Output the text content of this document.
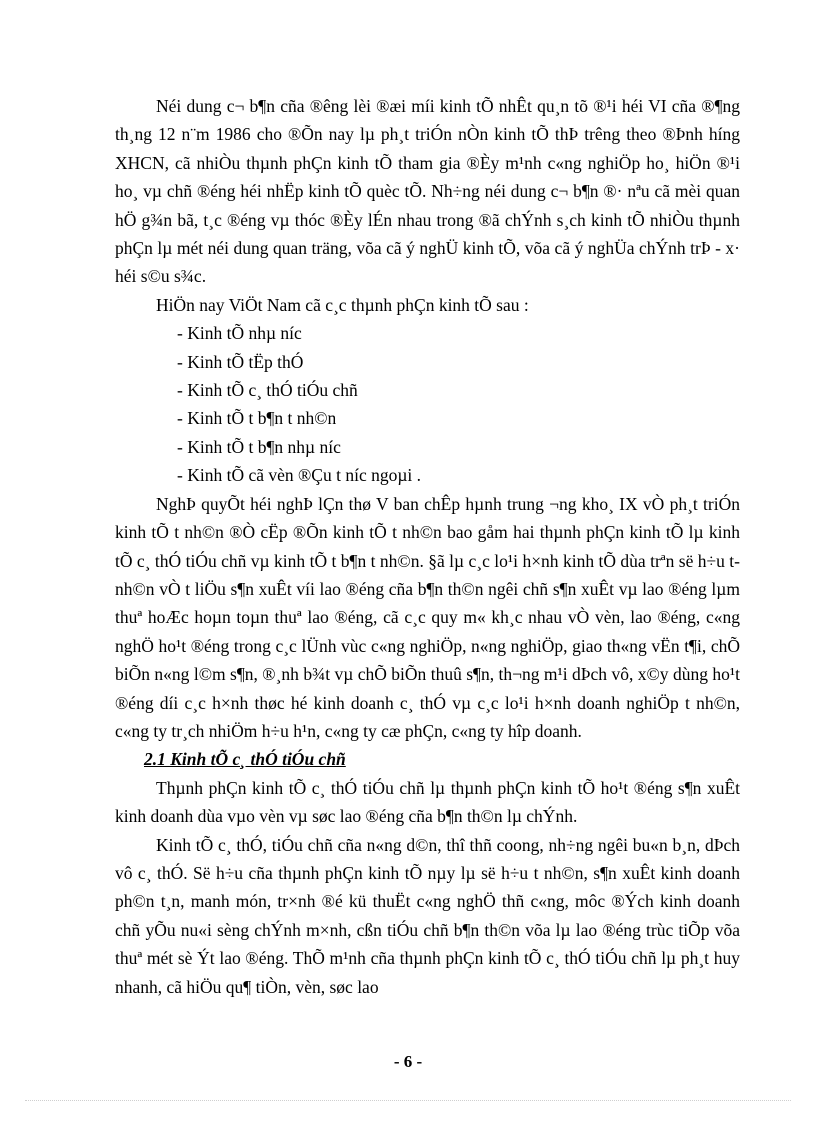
Néi dung c¬ b¶n cña ®êng lèi ®æi míi kinh tÕ nhÊt qu¸n tõ ®¹i héi VI cña ®¶ng th¸ng 12 n¨m 1986 cho ®Õn nay lµ ph¸t triÓn nÒn kinh tÕ thÞ trêng theo ®Þnh híng XHCN, cã nhiÒu thµnh phÇn kinh tÕ tham gia ®Èy m¹nh c«ng nghiÖp ho¸ hiÖn ®¹i ho¸ vµ chñ ®éng héi nhËp kinh tÕ quèc tÕ. Nh÷ng néi dung c¬ b¶n ®· nªu cã mèi quan hÖ g¾n bã, t¸c ®éng vµ thóc ®Èy lÉn nhau trong ®ã chÝnh s¸ch kinh tÕ nhiÒu thµnh phÇn lµ mét néi dung quan träng, võa cã ý nghÜ kinh tÕ, võa cã ý nghÜa chÝnh trÞ - x· héi s©u s¾c.

HiÖn nay ViÖt Nam cã c¸c thµnh phÇn kinh tÕ sau :

- Kinh tÕ nhµ níc
- Kinh tÕ tËp thÓ
- Kinh tÕ c¸ thÓ tiÓu chñ
- Kinh tÕ t b¶n t nh©n
- Kinh tÕ t b¶n nhµ níc
- Kinh tÕ cã vèn ®Çu t níc ngoµi .

NghÞ quyÕt héi nghÞ lÇn thø V ban chÊp hµnh trung ¬ng kho¸ IX vÒ ph¸t triÓn kinh tÕ t nh©n ®Ò cËp ®Õn kinh tÕ t nh©n bao gåm hai thµnh phÇn kinh tÕ lµ kinh tÕ c¸ thÓ tiÓu chñ vµ kinh tÕ t b¶n t nh©n. §ã lµ c¸c lo¹i h×nh kinh tÕ dùa trªn së h÷u t nh©n vÒ t liÖu s¶n xuÊt víi lao ®éng cña b¶n th©n ngêi chñ s¶n xuÊt vµ lao ®éng lµm thuª hoÆc hoµn toµn thuª lao ®éng, cã c¸c quy m« kh¸c nhau vÒ vèn, lao ®éng, c«ng nghÖ ho¹t ®éng trong c¸c lÜnh vùc c«ng nghiÖp, n«ng nghiÖp, giao th«ng vËn t¶i, chÕ biÕn n«ng l©m s¶n, ®¸nh b¾t vµ chÕ biÕn thuû s¶n, th¬ng m¹i dÞch vô, x©y dùng ho¹t ®éng díi c¸c h×nh thøc hé kinh doanh c¸ thÓ vµ c¸c lo¹i h×nh doanh nghiÖp t nh©n, c«ng ty tr¸ch nhiÖm h÷u h¹n, c«ng ty cæ phÇn, c«ng ty hîp doanh.

2.1 Kinh tÕ c¸ thÓ tiÓu chñ

Thµnh phÇn kinh tÕ c¸ thÓ tiÓu chñ lµ thµnh phÇn kinh tÕ ho¹t ®éng s¶n xuÊt kinh doanh dùa vµo vèn vµ søc lao ®éng cña b¶n th©n lµ chÝnh.

Kinh tÕ c¸ thÓ, tiÓu chñ cña n«ng d©n, thî thñ coong, nh÷ng ngêi bu«n b¸n, dÞch vô c¸ thÓ. Së h÷u cña thµnh phÇn kinh tÕ nµy lµ së h÷u t nh©n, s¶n xuÊt kinh doanh ph©n t¸n, manh món, tr×nh ®é kü thuËt c«ng nghÖ thñ c«ng, môc ®Ých kinh doanh chñ yÕu nu«i sèng chÝnh m×nh, cßn tiÓu chñ b¶n th©n võa lµ lao ®éng trùc tiÕp võa thuª mét sè Ýt lao ®éng. ThÕ m¹nh cña thµnh phÇn kinh tÕ c¸ thÓ tiÓu chñ lµ ph¸t huy nhanh, cã hiÖu qu¶ tiÒn, vèn, søc lao

- 6 -
